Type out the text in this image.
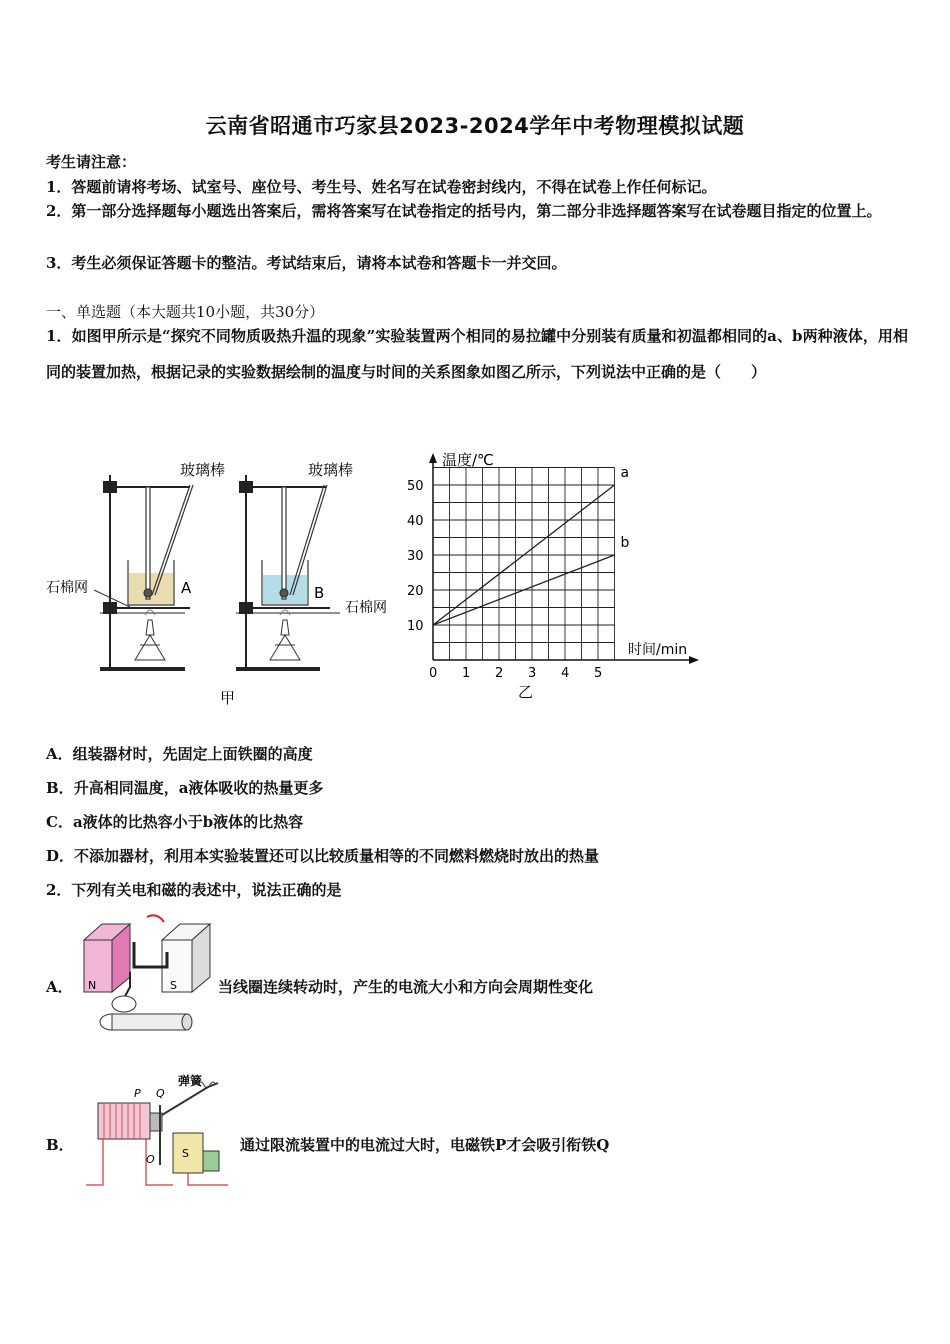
云南省昭通市巧家县2023-2024学年中考物理模拟试题
考生请注意：
1．答题前请将考场、试室号、座位号、考生号、姓名写在试卷密封线内，不得在试卷上作任何标记。
2．第一部分选择题每小题选出答案后，需将答案写在试卷指定的括号内，第二部分非选择题答案写在试卷题目指定的位置上。
3．考生必须保证答题卡的整洁。考试结束后，请将本试卷和答题卡一并交回。
一、单选题（本大题共10小题，共30分）
1．如图甲所示是“探究不同物质吸热升温的现象”实验装置两个相同的易拉罐中分别装有质量和初温都相同的a、b两种液体，用相同的装置加热，根据记录的实验数据绘制的温度与时间的关系图象如图乙所示，下列说法中正确的是（　　）
玻璃棒
石棉网	A
玻璃棒
B
石棉网
甲
0 1 2 3 4 5
10
20
30
40
50
a
b
温度/℃
时间/min
乙
A．组装器材时，先固定上面铁圈的高度
B．升高相同温度，a液体吸收的热量更多
C．a液体的比热容小于b液体的比热容
D．不添加器材，利用本实验装置还可以比较质量相等的不同燃料燃烧时放出的热量
2．下列有关电和磁的表述中，说法正确的是
A． N	S	当线圈连续转动时，产生的电流大小和方向会周期性变化
B．
弹簧
P Q
S
O
通过限流装置中的电流过大时，电磁铁P才会吸引衔铁Q
